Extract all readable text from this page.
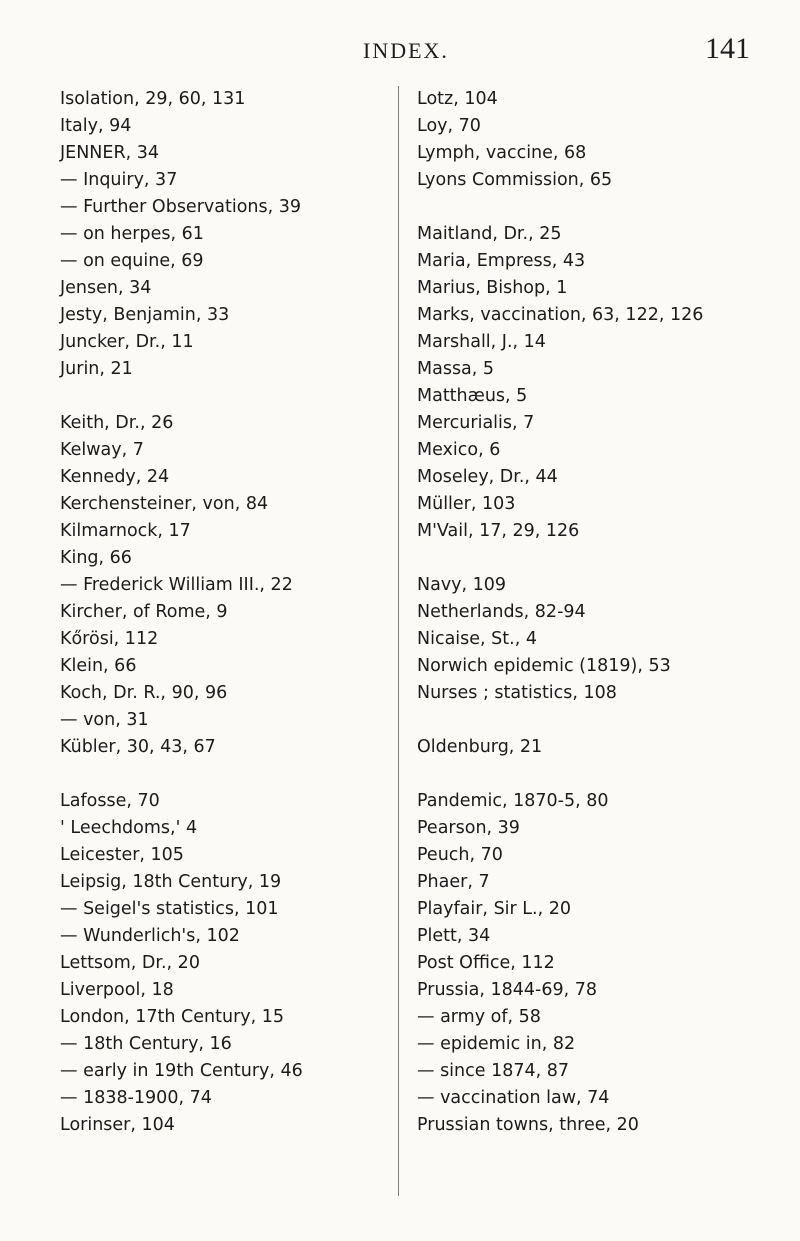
INDEX.	141
Isolation, 29, 60, 131
Italy, 94
JENNER, 34
— Inquiry, 37
— Further Observations, 39
— on herpes, 61
— on equine, 69
Jensen, 34
Jesty, Benjamin, 33
Juncker, Dr., 11
Jurin, 21
Keith, Dr., 26
Kelway, 7
Kennedy, 24
Kerchensteiner, von, 84
Kilmarnock, 17
King, 66
— Frederick William III., 22
Kircher, of Rome, 9
Kőrösi, 112
Klein, 66
Koch, Dr. R., 90, 96
— von, 31
Kübler, 30, 43, 67
Lafosse, 70
' Leechdoms,' 4
Leicester, 105
Leipsig, 18th Century, 19
— Seigel's statistics, 101
— Wunderlich's, 102
Lettsom, Dr., 20
Liverpool, 18
London, 17th Century, 15
— 18th Century, 16
— early in 19th Century, 46
— 1838-1900, 74
Lorinser, 104
Lotz, 104
Loy, 70
Lymph, vaccine, 68
Lyons Commission, 65
Maitland, Dr., 25
Maria, Empress, 43
Marius, Bishop, 1
Marks, vaccination, 63, 122, 126
Marshall, J., 14
Massa, 5
Matthæus, 5
Mercurialis, 7
Mexico, 6
Moseley, Dr., 44
Müller, 103
M'Vail, 17, 29, 126
Navy, 109
Netherlands, 82-94
Nicaise, St., 4
Norwich epidemic (1819), 53
Nurses ; statistics, 108
Oldenburg, 21
Pandemic, 1870-5, 80
Pearson, 39
Peuch, 70
Phaer, 7
Playfair, Sir L., 20
Plett, 34
Post Office, 112
Prussia, 1844-69, 78
— army of, 58
— epidemic in, 82
— since 1874, 87
— vaccination law, 74
Prussian towns, three, 20
